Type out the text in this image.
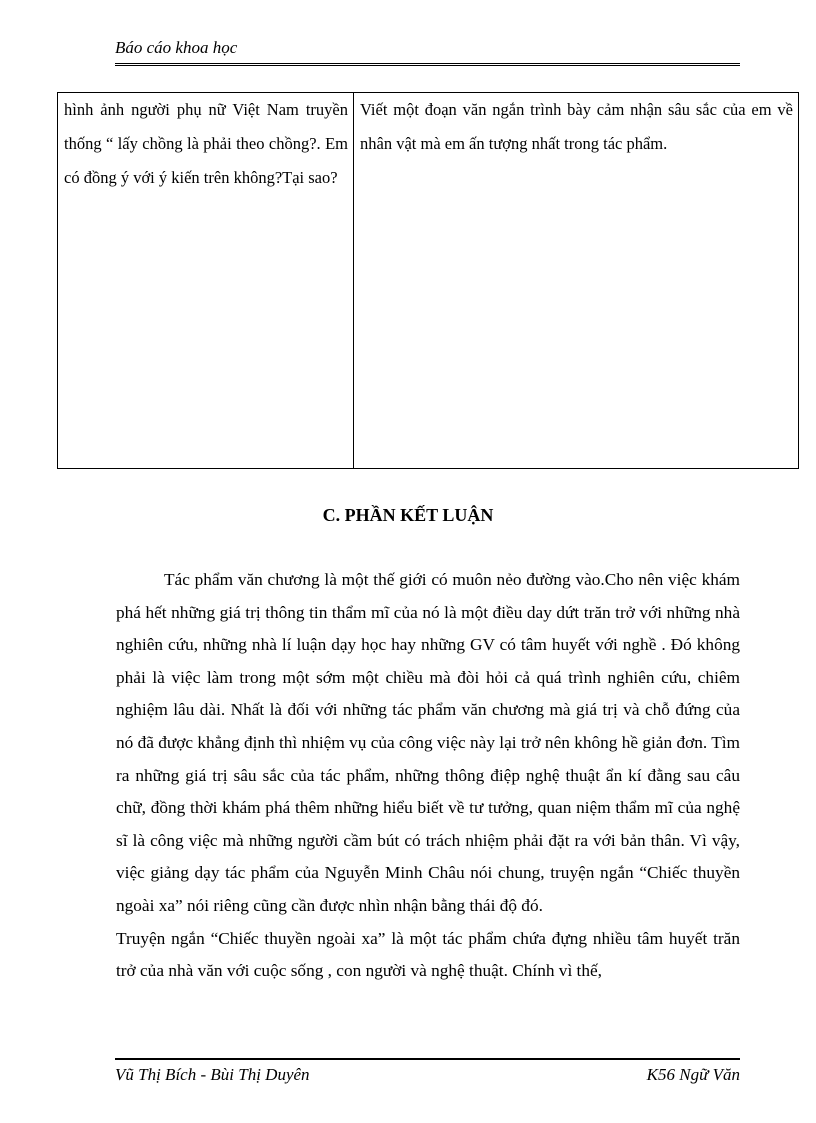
Báo cáo khoa học
hình ảnh người phụ nữ Việt Nam truyền thống “ lấy chồng là phải theo chồng?. Em có đồng ý với ý kiến trên không?Tại sao?	Viết một đoạn văn ngắn trình bày cảm nhận sâu sắc của em về nhân vật mà em ấn tượng nhất trong tác phẩm.
C. PHẦN KẾT LUẬN

Tác phẩm văn chương là một thế giới có muôn nẻo đường vào.Cho nên việc khám phá hết những giá trị thông tin thẩm mĩ của nó là một điều day dứt trăn trở với những nhà nghiên cứu, những nhà lí luận dạy học hay những GV có tâm huyết với nghề . Đó không phải là việc làm trong một sớm một chiều mà đòi hỏi cả quá trình nghiên cứu, chiêm nghiệm lâu dài. Nhất là đối với những tác phẩm văn chương mà giá trị và chỗ đứng của nó đã được khẳng định thì nhiệm vụ của công việc này lại trở nên không hề giản đơn. Tìm ra những giá trị sâu sắc của tác phẩm, những thông điệp nghệ thuật ẩn kí đằng sau câu chữ, đồng thời khám phá thêm những hiểu biết về tư tưởng, quan niệm thẩm mĩ của nghệ sĩ là công việc mà những người cầm bút có trách nhiệm phải đặt ra với bản thân. Vì vậy, việc giảng dạy tác phẩm của Nguyễn Minh Châu nói chung, truyện ngắn “Chiếc thuyền ngoài xa” nói riêng cũng cần được nhìn nhận bằng thái độ đó.

Truyện ngắn “Chiếc thuyền ngoài xa” là một tác phẩm chứa đựng nhiều tâm huyết trăn trở của nhà văn với cuộc sống , con người và nghệ thuật. Chính vì thế,

Vũ Thị Bích - Bùi Thị Duyên	K56 Ngữ Văn
